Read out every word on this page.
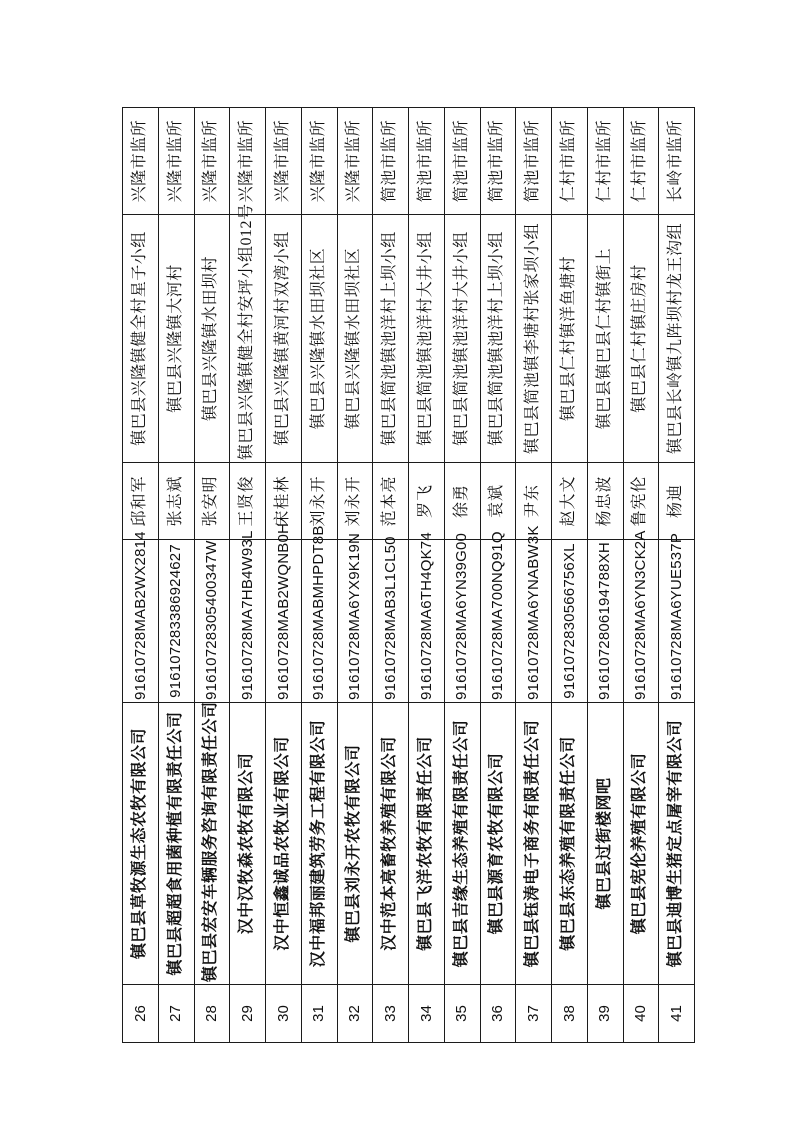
26	镇巴县草牧源生态农牧有限公司	91610728MAB2WX2814	邱和军	镇巴县兴隆镇健全村星子小组	兴隆市监所
27	镇巴县超超食用菌种植有限责任公司	916107283386924627	张志斌	镇巴县兴隆镇大河村	兴隆市监所
28	镇巴县宏安车辆服务咨询有限责任公司	91610728305400347W	张安明	镇巴县兴隆镇水田坝村	兴隆市监所
29	汉中汉牧森农牧有限公司	91610728MA7HB4W93L	王贤俊	镇巴县兴隆镇健全村安坪小组012号	兴隆市监所
30	汉中恒鑫诚品农牧业有限公司	91610728MAB2WQNB0H	宋桂林	镇巴县兴隆镇黄河村双湾小组	兴隆市监所
31	汉中福邦丽建筑劳务工程有限公司	91610728MABMHPDT8B	刘永开	镇巴县兴隆镇水田坝社区	兴隆市监所
32	镇巴县刘永开农牧有限公司	91610728MA6YX9K19N	刘永开	镇巴县兴隆镇水田坝社区	兴隆市监所
33	汉中范本亮畜牧养殖有限公司	91610728MAB3L1CL50	范本亮	镇巴县简池镇池洋村上坝小组	简池市监所
34	镇巴县飞洋农牧有限责任公司	91610728MA6TH4QK74	罗飞	镇巴县简池镇池洋村大井小组	简池市监所
35	镇巴县吉缘生态养殖有限责任公司	91610728MA6YN39G00	徐勇	镇巴县简池镇池洋村大井小组	简池市监所
36	镇巴县源育农牧有限公司	91610728MA700NQ91Q	袁斌	镇巴县简池镇池洋村上坝小组	简池市监所
37	镇巴县钰涛电子商务有限责任公司	91610728MA6YNABW3K	尹东	镇巴县简池镇李塘村张家坝小组	简池市监所
38	镇巴县东态养殖有限责任公司	9161072830566756XL	赵大文	镇巴县仁村镇洋鱼塘村	仁村市监所
39	镇巴县过街楼网吧	9161072806194788XH	杨忠波	镇巴县镇巴县仁村镇街上	仁村市监所
40	镇巴县宪伦养殖有限公司	91610728MA6YN3CK2A	鲁宪伦	镇巴县仁村镇庄房村	仁村市监所
41	镇巴县迪博生猪定点屠宰有限公司	91610728MA6YUE537P	杨迪	镇巴县长岭镇九阵坝村龙王沟组	长岭市监所
